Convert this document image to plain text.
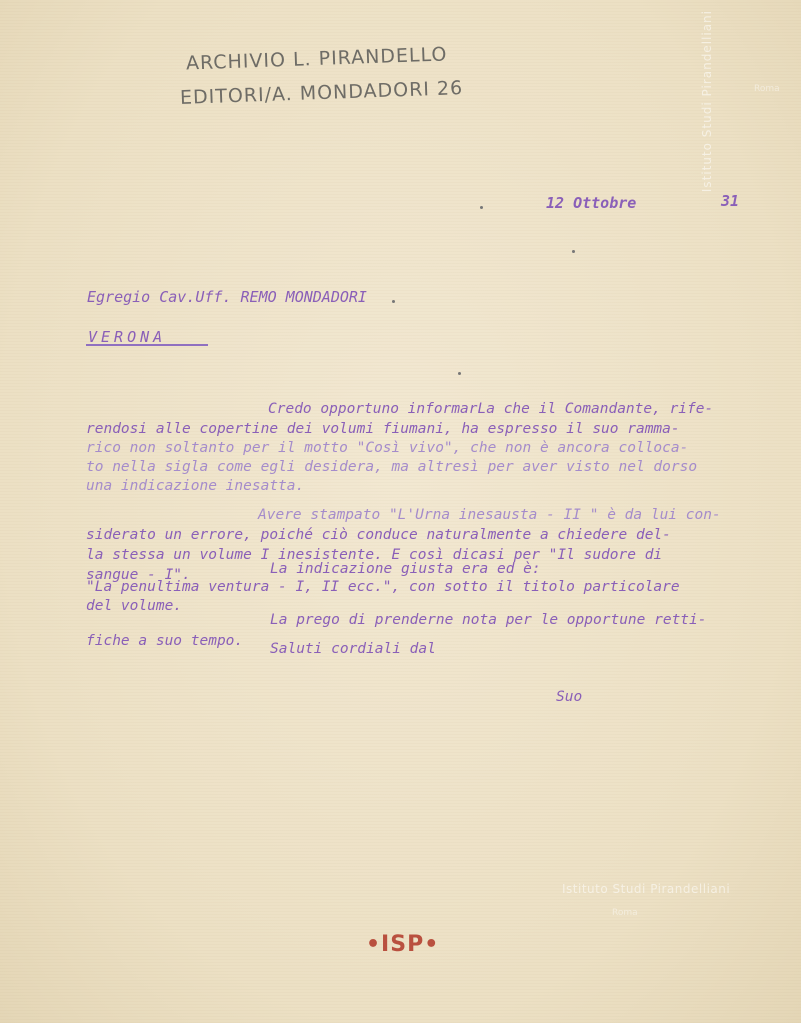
ARCHIVIO L. PIRANDELLO
EDITORI/A. MONDADORI 26	Istituto Studi Pirandelliani	Roma
12 Ottobre	31
Egregio Cav.Uff. REMO MONDADORI
VERONA
Credo opportuno informarLa che il Comandante, rife-
rendosi alle copertine dei volumi fiumani, ha espresso il suo ramma-
rico non soltanto per il motto "Così vivo", che non è ancora colloca-
to nella sigla come egli desidera, ma altresì per aver visto nel dorso
una indicazione inesatta.
Avere stampato "L'Urna inesausta - II " è da lui con-
siderato un errore, poiché ciò conduce naturalmente a chiedere del-
la stessa un volume I inesistente. E così dicasi per "Il sudore di
sangue - I".	La indicazione giusta era ed è:
"La penultima ventura - I, II ecc.", con sotto il titolo particolare
del volume.
La prego di prenderne nota per le opportune retti-
fiche a suo tempo. Saluti cordiali dal
Suo
Istituto Studi Pirandelliani
Roma
•ISP•
